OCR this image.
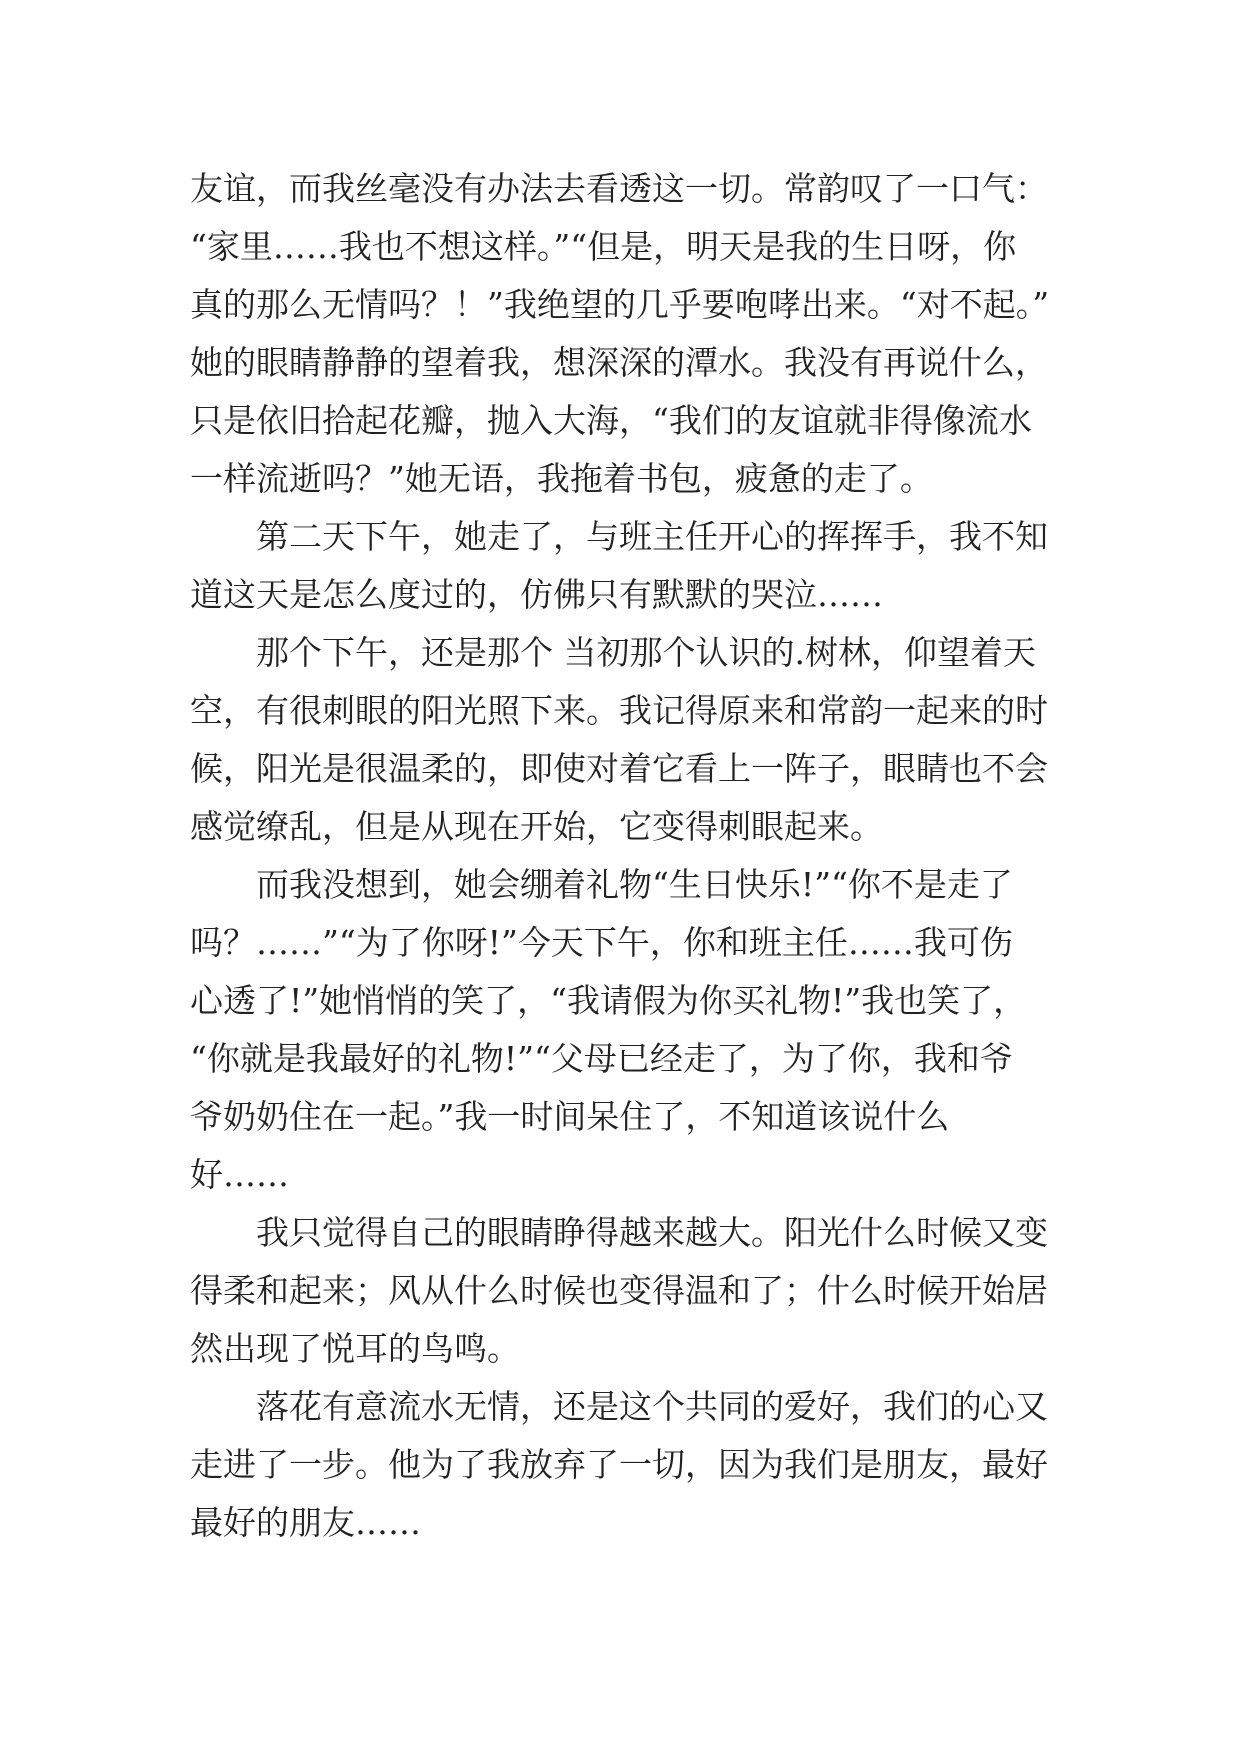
友谊，而我丝毫没有办法去看透这一切。常韵叹了一口气：
“家里……我也不想这样。”“但是，明天是我的生日呀，你
真的那么无情吗？！”我绝望的几乎要咆哮出来。“对不起。”
她的眼睛静静的望着我，想深深的潭水。我没有再说什么，
只是依旧拾起花瓣，抛入大海，“我们的友谊就非得像流水
一样流逝吗？”她无语，我拖着书包，疲惫的走了。
第二天下午，她走了，与班主任开心的挥挥手，我不知
道这天是怎么度过的，仿佛只有默默的哭泣……
那个下午，还是那个 当初那个认识的.树林，仰望着天
空，有很刺眼的阳光照下来。我记得原来和常韵一起来的时
候，阳光是很温柔的，即使对着它看上一阵子，眼睛也不会
感觉缭乱，但是从现在开始，它变得刺眼起来。
而我没想到，她会绷着礼物“生日快乐!”“你不是走了
吗？……”“为了你呀!”今天下午，你和班主任……我可伤
心透了!”她悄悄的笑了，“我请假为你买礼物!”我也笑了，
“你就是我最好的礼物!”“父母已经走了，为了你，我和爷
爷奶奶住在一起。”我一时间呆住了，不知道该说什么
好……
我只觉得自己的眼睛睁得越来越大。阳光什么时候又变
得柔和起来；风从什么时候也变得温和了；什么时候开始居
然出现了悦耳的鸟鸣。
落花有意流水无情，还是这个共同的爱好，我们的心又
走进了一步。他为了我放弃了一切，因为我们是朋友，最好
最好的朋友……
